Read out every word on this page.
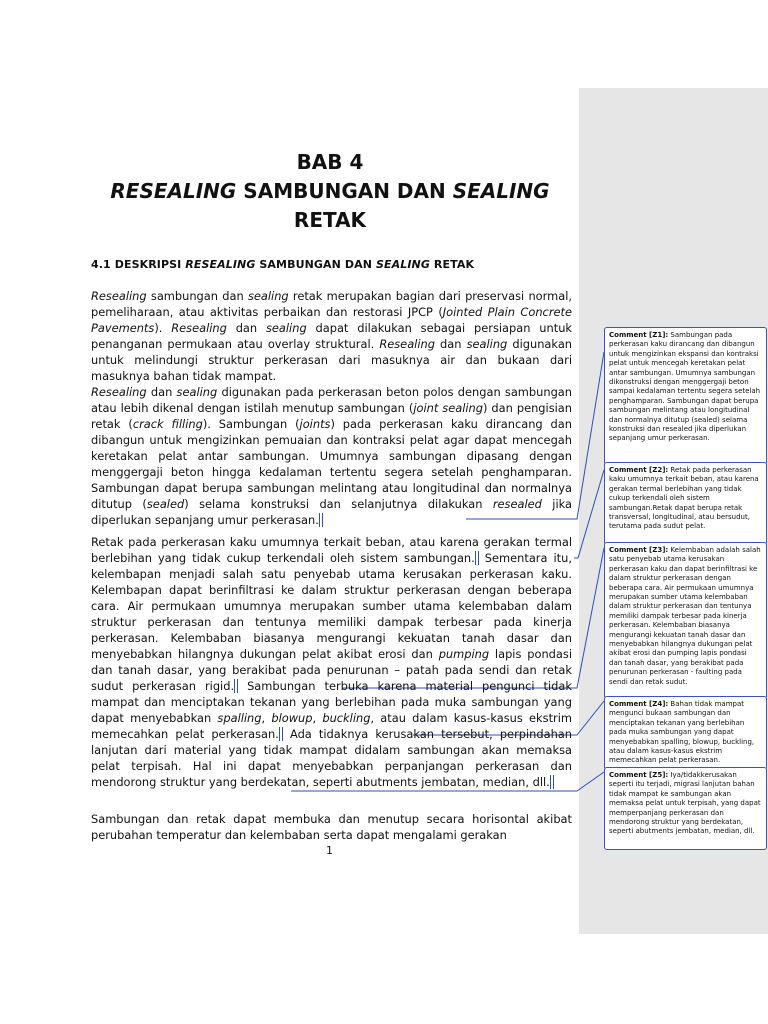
BAB 4
RESEALING SAMBUNGAN DAN SEALING
RETAK
4.1 DESKRIPSI RESEALING SAMBUNGAN DAN SEALING RETAK
Resealing sambungan dan sealing retak merupakan bagian dari preservasi normal, pemeliharaan, atau aktivitas perbaikan dan restorasi JPCP (Jointed Plain Concrete Pavements). Resealing dan sealing dapat dilakukan sebagai persiapan untuk penanganan permukaan atau overlay struktural. Resealing dan sealing digunakan untuk melindungi struktur perkerasan dari masuknya air dan bukaan dari masuknya bahan tidak mampat.
Resealing dan sealing digunakan pada perkerasan beton polos dengan sambungan atau lebih dikenal dengan istilah menutup sambungan (joint sealing) dan pengisian retak (crack filling). Sambungan (joints) pada perkerasan kaku dirancang dan dibangun untuk mengizinkan pemuaian dan kontraksi pelat agar dapat mencegah keretakan pelat antar sambungan. Umumnya sambungan dipasang dengan menggergaji beton hingga kedalaman tertentu segera setelah penghamparan. Sambungan dapat berupa sambungan melintang atau longitudinal dan normalnya ditutup (sealed) selama konstruksi dan selanjutnya dilakukan resealed jika diperlukan sepanjang umur perkerasan.
Retak pada perkerasan kaku umumnya terkait beban, atau karena gerakan termal berlebihan yang tidak cukup terkendali oleh sistem sambungan. Sementara itu, kelembapan menjadi salah satu penyebab utama kerusakan perkerasan kaku. Kelembapan dapat berinfiltrasi ke dalam struktur perkerasan dengan beberapa cara. Air permukaan umumnya merupakan sumber utama kelembaban dalam struktur perkerasan dan tentunya memiliki dampak terbesar pada kinerja perkerasan. Kelembaban biasanya mengurangi kekuatan tanah dasar dan menyebabkan hilangnya dukungan pelat akibat erosi dan pumping lapis pondasi dan tanah dasar, yang berakibat pada penurunan – patah pada sendi dan retak sudut perkerasan rigid. Sambungan terbuka karena material pengunci tidak mampat dan menciptakan tekanan yang berlebihan pada muka sambungan yang dapat menyebabkan spalling, blowup, buckling, atau dalam kasus-kasus ekstrim memecahkan pelat perkerasan. Ada tidaknya kerusakan tersebut, perpindahan lanjutan dari material yang tidak mampat didalam sambungan akan memaksa pelat terpisah. Hal ini dapat menyebabkan perpanjangan perkerasan dan mendorong struktur yang berdekatan, seperti abutments jembatan, median, dll.
Sambungan dan retak dapat membuka dan menutup secara horisontal akibat perubahan temperatur dan kelembaban serta dapat mengalami gerakan
1
Comment [Z1]: Sambungan pada perkerasan kaku dirancang dan dibangun untuk mengizinkan ekspansi dan kontraksi pelat untuk mencegah keretakan pelat antar sambungan. Umumnya sambungan dikonstruksi dengan menggergaji beton sampai kedalaman tertentu segera setelah penghamparan. Sambungan dapat berupa sambungan melintang atau longitudinal dan normalnya ditutup (sealed) selama konstruksi dan resealed jika diperlukan sepanjang umur perkerasan.
Comment [Z2]: Retak pada perkerasan kaku umumnya terkait beban, atau karena gerakan termal berlebihan yang tidak cukup terkendali oleh sistem sambungan.Retak dapat berupa retak transversal, longitudinal, atau bersudut, terutama pada sudut pelat.
Comment [Z3]: Kelembaban adalah salah satu penyebab utama kerusakan perkerasan kaku dan dapat berinfiltrasi ke dalam struktur perkerasan dengan beberapa cara. Air permukaan umumnya merupakan sumber utama kelembaban dalam struktur perkerasan dan tentunya memiliki dampak terbesar pada kinerja perkerasan. Kelembaban biasanya mengurangi kekuatan tanah dasar dan menyebabkan hilangnya dukungan pelat akibat erosi dan pumping lapis pondasi dan tanah dasar, yang berakibat pada penurunan perkerasan - faulting pada sendi dan retak sudut.
Comment [Z4]: Bahan tidak mampat mengunci bukaan sambungan dan menciptakan tekanan yang berlebihan pada muka sambungan yang dapat menyebabkan spalling, blowup, buckling, atau dalam kasus-kasus ekstrim memecahkan pelat perkerasan.
Comment [Z5]: Iya/tidakkerusakan seperti itu terjadi, migrasi lanjutan bahan tidak mampat ke sambungan akan memaksa pelat untuk terpisah, yang dapat memperpanjang perkerasan dan mendorong struktur yang berdekatan, seperti abutments jembatan, median, dll.
